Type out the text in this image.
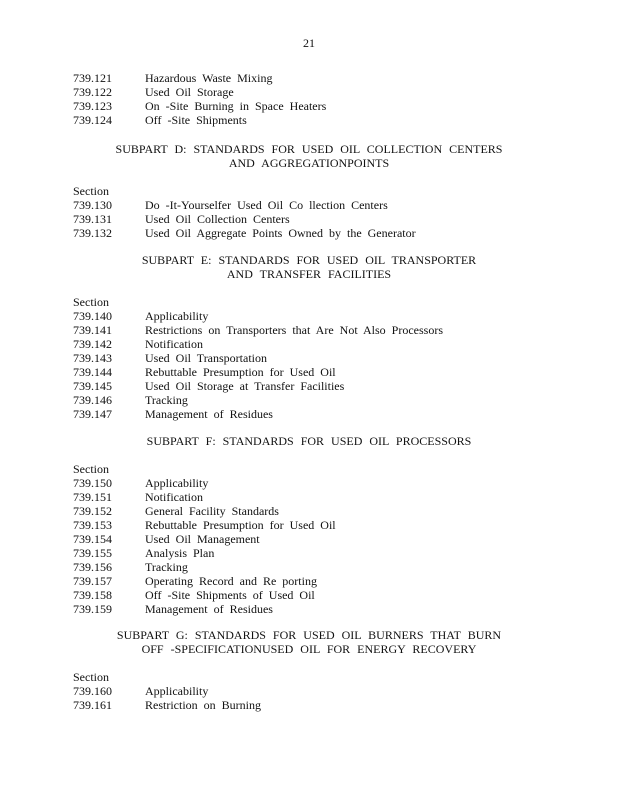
21
739.121	Hazardous Waste Mixing
739.122	Used Oil Storage
739.123	On -Site Burning in Space Heaters
739.124	Off -Site Shipments
SUBPART D: STANDARDS FOR USED OIL COLLECTION CENTERS
AND AGGREGATIONPOINTS
Section
739.130	Do -It-Yourselfer Used Oil Co llection Centers
739.131	Used Oil Collection Centers
739.132	Used Oil Aggregate Points Owned by the Generator
SUBPART E: STANDARDS FOR USED OIL TRANSPORTER
AND TRANSFER FACILITIES
Section
739.140	Applicability
739.141	Restrictions on Transporters that Are Not Also Processors
739.142	Notification
739.143	Used Oil Transportation
739.144	Rebuttable Presumption for Used Oil
739.145	Used Oil Storage at Transfer Facilities
739.146	Tracking
739.147	Management of Residues
SUBPART F: STANDARDS FOR USED OIL PROCESSORS
Section
739.150	Applicability
739.151	Notification
739.152	General Facility Standards
739.153	Rebuttable Presumption for Used Oil
739.154	Used Oil Management
739.155	Analysis Plan
739.156	Tracking
739.157	Operating Record and Re porting
739.158	Off -Site Shipments of Used Oil
739.159	Management of Residues
SUBPART G: STANDARDS FOR USED OIL BURNERS THAT BURN
OFF -SPECIFICATIONUSED OIL FOR ENERGY RECOVERY
Section
739.160	Applicability
739.161	Restriction on Burning
